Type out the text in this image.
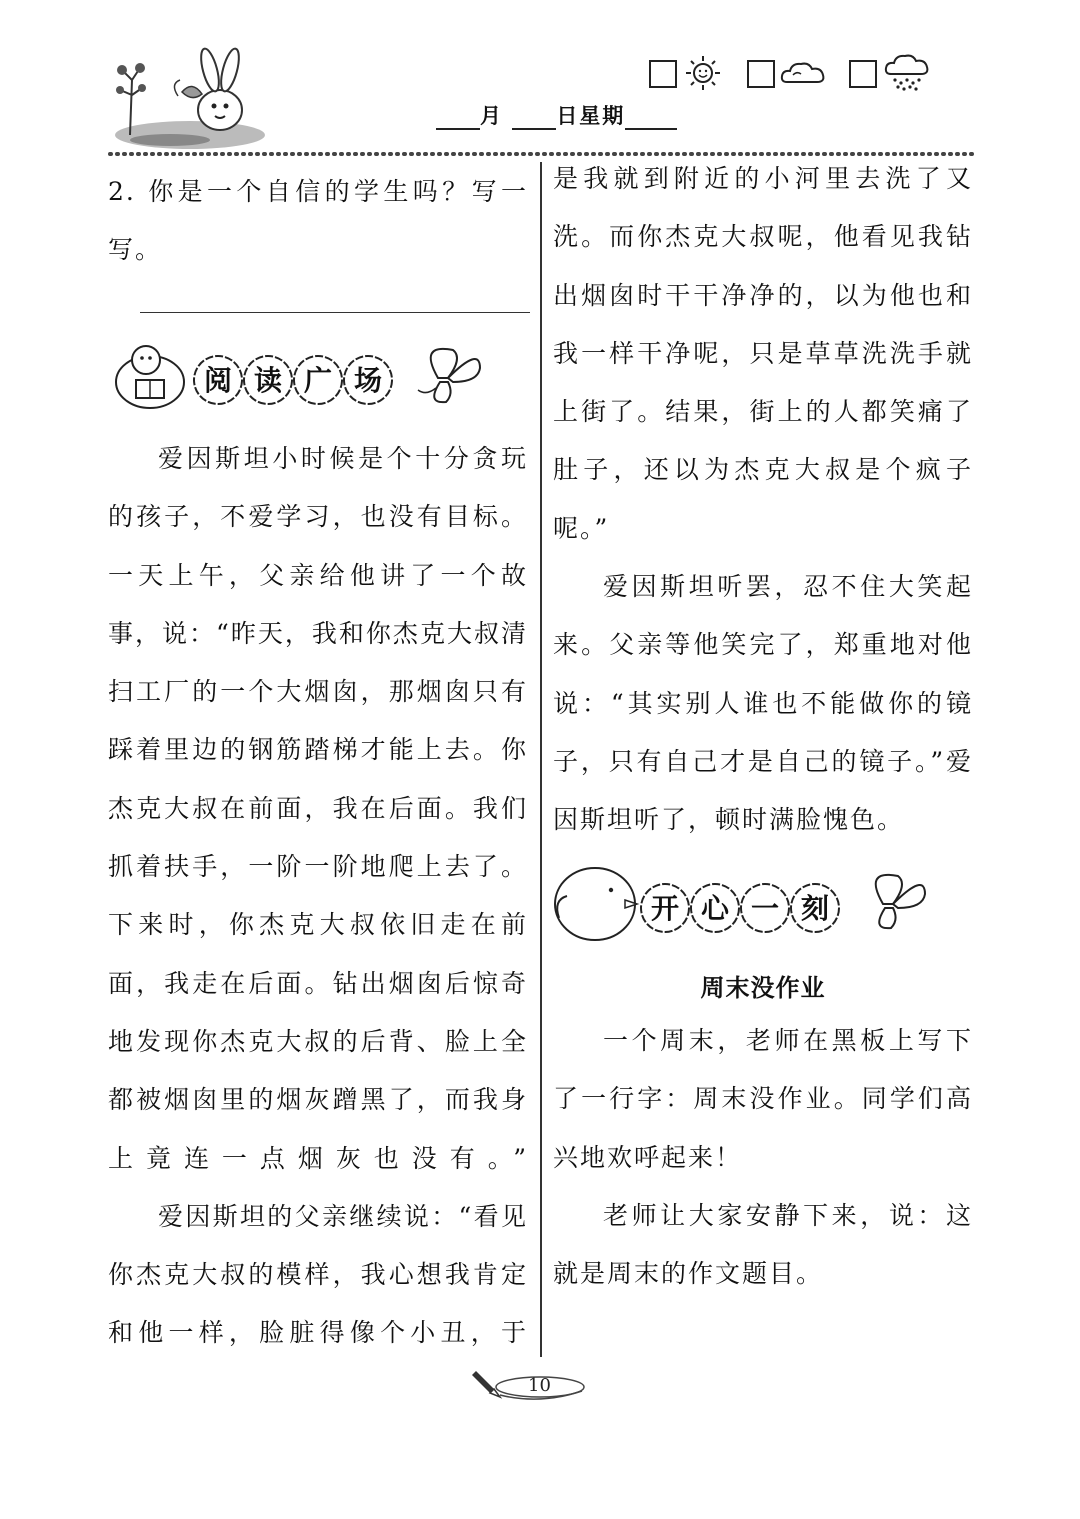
月	日星期

2. 你是一个自信的学生吗？写一写。

阅 读 广 场

爱因斯坦小时候是个十分贪玩的孩子，不爱学习，也没有目标。一天上午，父亲给他讲了一个故事，说：“昨天，我和你杰克大叔清扫工厂的一个大烟囱，那烟囱只有踩着里边的钢筋踏梯才能上去。你杰克大叔在前面，我在后面。我们抓着扶手，一阶一阶地爬上去了。下来时，你杰克大叔依旧走在前面，我走在后面。钻出烟囱后惊奇地发现你杰克大叔的后背、脸上全都被烟囱里的烟灰蹭黑了，而我身上竟连一点烟灰也没有。”

爱因斯坦的父亲继续说：“看见你杰克大叔的模样，我心想我肯定和他一样，脸脏得像个小丑，于

是我就到附近的小河里去洗了又洗。而你杰克大叔呢，他看见我钻出烟囱时干干净净的，以为他也和我一样干净呢，只是草草洗洗手就上街了。结果，街上的人都笑痛了肚子，还以为杰克大叔是个疯子呢。”

爱因斯坦听罢，忍不住大笑起来。父亲等他笑完了，郑重地对他说：“其实别人谁也不能做你的镜子，只有自己才是自己的镜子。”爱因斯坦听了，顿时满脸愧色。

开 心 一 刻
周末没作业

一个周末，老师在黑板上写下了一行字：周末没作业。同学们高兴地欢呼起来！

老师让大家安静下来，说：这就是周末的作文题目。

10
